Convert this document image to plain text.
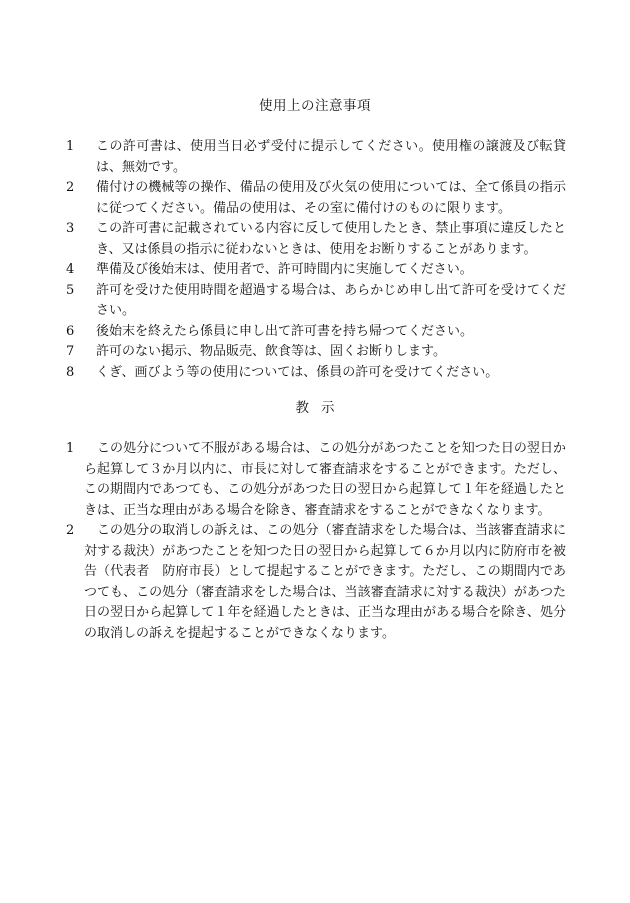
使用上の注意事項
1	この許可書は、使用当日必ず受付に提示してください。使用権の譲渡及び転貸は、無効です。
2	備付けの機械等の操作、備品の使用及び火気の使用については、全て係員の指示に従つてください。備品の使用は、その室に備付けのものに限ります。
3	この許可書に記載されている内容に反して使用したとき、禁止事項に違反したとき、又は係員の指示に従わないときは、使用をお断りすることがあります。
4	準備及び後始末は、使用者で、許可時間内に実施してください。
5	許可を受けた使用時間を超過する場合は、あらかじめ申し出て許可を受けてください。
6	後始末を終えたら係員に申し出て許可書を持ち帰つてください。
7	許可のない掲示、物品販売、飲食等は、固くお断りします。
8	くぎ、画びよう等の使用については、係員の許可を受けてください。
教示
1	この処分について不服がある場合は、この処分があつたことを知つた日の翌日から起算して３か月以内に、市長に対して審査請求をすることができます。ただし、この期間内であつても、この処分があつた日の翌日から起算して１年を経過したときは、正当な理由がある場合を除き、審査請求をすることができなくなります。
2	この処分の取消しの訴えは、この処分（審査請求をした場合は、当該審査請求に対する裁決）があつたことを知つた日の翌日から起算して６か月以内に防府市を被告（代表者　防府市長）として提起することができます。ただし、この期間内であつても、この処分（審査請求をした場合は、当該審査請求に対する裁決）があつた日の翌日から起算して１年を経過したときは、正当な理由がある場合を除き、処分の取消しの訴えを提起することができなくなります。
